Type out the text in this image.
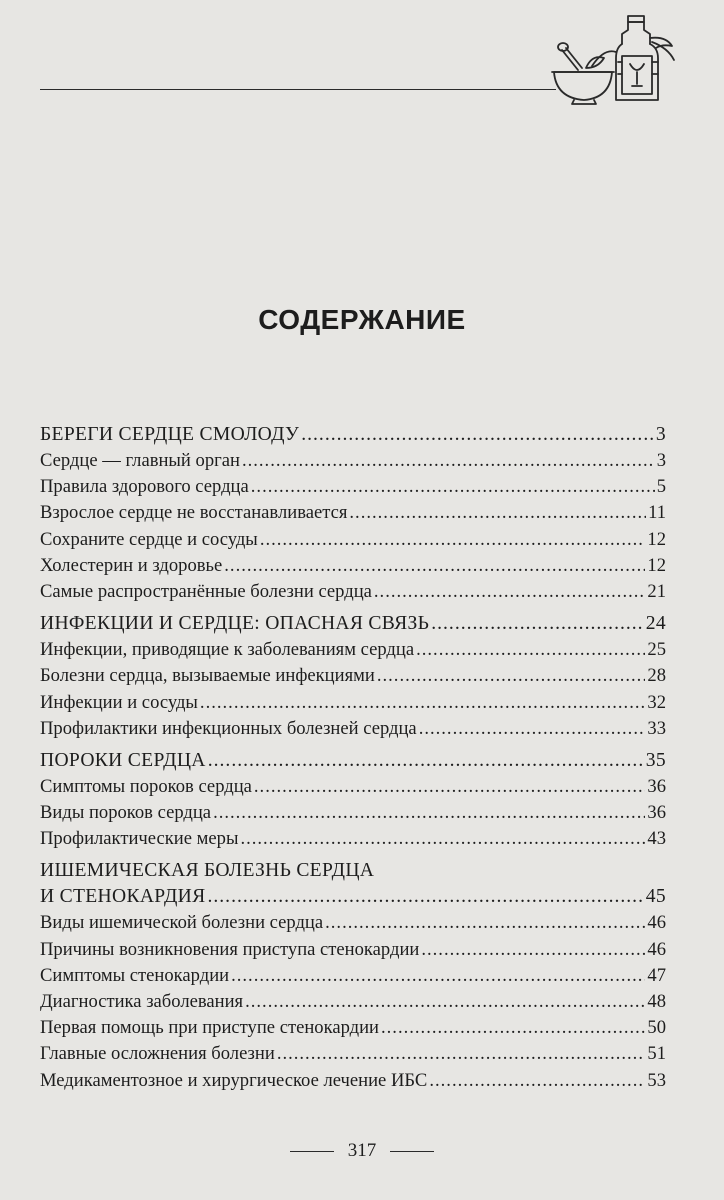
СОДЕРЖАНИЕ
БЕРЕГИ СЕРДЦЕ СМОЛОДУ .....	3
Сердце — главный орган .....	3
Правила здорового сердца .....	5
Взрослое сердце не восстанавливается .....	11
Сохраните сердце и сосуды .....	12
Холестерин и здоровье .....	12
Самые распространённые болезни сердца .....	21
ИНФЕКЦИИ И СЕРДЦЕ: ОПАСНАЯ СВЯЗЬ .....	24
Инфекции, приводящие к заболеваниям сердца .....	25
Болезни сердца, вызываемые инфекциями .....	28
Инфекции и сосуды .....	32
Профилактики инфекционных болезней сердца .....	33
ПОРОКИ СЕРДЦА .....	35
Симптомы пороков сердца .....	36
Виды пороков сердца .....	36
Профилактические меры .....	43
ИШЕМИЧЕСКАЯ БОЛЕЗНЬ СЕРДЦА
И СТЕНОКАРДИЯ .....	45
Виды ишемической болезни сердца .....	46
Причины возникновения приступа стенокардии .....	46
Симптомы стенокардии .....	47
Диагностика заболевания .....	48
Первая помощь при приступе стенокардии .....	50
Главные осложнения болезни .....	51
Медикаментозное и хирургическое лечение ИБС .....	53
317
